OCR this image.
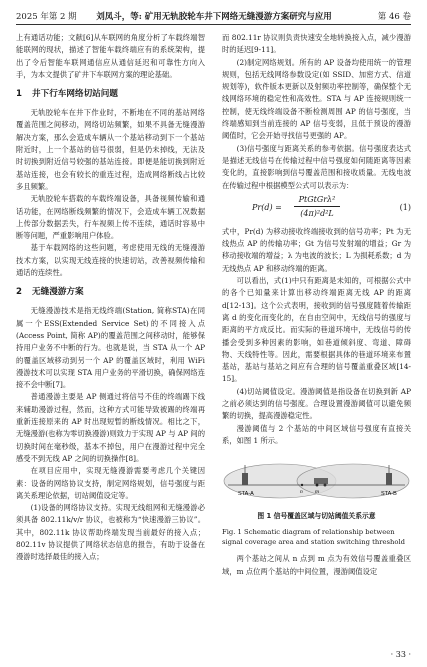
2025 年第 2 期	刘凤斗，等: 矿用无轨胶轮车井下网络无缝漫游方案研究与应用	第 46 卷

上有通话功能；文献[6]从车联网的角度分析了车载终端智能联网的现状，描述了智能车载终端应有的系统架构，提出了令后智能车联网通信应从通信延迟和可靠性方向入手，为本文提供了矿井下车联网方案的理论基础。

1 井下行车网络切站问题

无轨胶轮车在井下作业时，不断地在不同的基站网络覆盖范围之间移动，网络切站频繁，如果不具备无缝漫游解决方案，那么会造成车辆从一个基站移动到下一个基站附近时，上一个基站的信号很弱，但是仍未掉线，无法及时切换到附近信号较强的基站连接。即便是能切换到附近基站连接，也会有较长的重连过程，造成网络断线占比较多且频繁。

无轨胶轮车搭载的车载终端设备，具备视频传输和通话功能，在网络断线频繁的情况下，会造成车辆工况数据上传部分数据丢失，行车视频上传不连续，通话时容易中断等问题，严重影响用户体验。

基于车载网络的这些问题，考虑使用无线的无缝漫游技术方案，以实现无线连接的快速切站，改善视频传输和通话的连续性。

2 无缝漫游方案

无缝漫游技术是指无线终端(Station, 简称STA)在同属一个ESS(Extended Service Set)的不同接入点(Access Point, 简称 AP)的覆盖范围之间移动时，能够保持用户业务不中断的行为。也就是说，当 STA 从一个 AP 的覆盖区域移动到另一个 AP 的覆盖区域时，利用 WiFi 漫游技术可以实现 STA 用户业务的平滑切换，确保网络连接不会中断[7]。

普通漫游主要是 AP 侧通过将信号不佳的终端踢下线来辅助漫游过程，然而，这种方式可能导致被踢的终端再重新连接原来的 AP 时出现短暂的断线情况。相比之下，无缝漫游(也称为零切换漫游)则致力于实现 AP 与 AP 间的切换时间在毫秒级，基本不掉包，用户在漫游过程中完全感受不到无线 AP 之间的切换操作[8]。

在项目应用中，实现无缝漫游需要考虑几个关键因素：设备的网络协议支持，制定网络规划，信号强度与距离关系理论依据，切站阈值设定等。

(1)设备的网络协议支持。实现无线组网和无缝漫游必须具备 802.11k/v/r 协议，也被称为“快速漫游三协议”。其中，802.11k 协议帮助终端发现当前最好的接入点；802.11v 协议提供了网络状态信息的报告，有助于设备在漫游时选择最佳的接入点；

而 802.11r 协议则负责快速安全地转换接入点，减少漫游时的延迟[9-11]。

(2)制定网络规划。所有的 AP 设备均使用统一的管理规则，包括无线网络参数设定(如 SSID、加密方式、信道规划等)，软件版本更新以及射频功率控制等，确保整个无线网络环境的稳定性和高效性。STA 与 AP 连接规则统一控制，使无线终端设备不断检测周围 AP 的信号强度，当终端感知到当前连接的 AP 信号变弱，且低于预设的漫游阈值时，它会开始寻找信号更强的 AP。

(3)信号强度与距离关系的参考依据。信号强度表达式是描述无线信号在传输过程中信号强度如何随距离等因素变化的，直接影响到信号覆盖范围和接收质量。无线电波在传输过程中根据模型公式可以表示为：

Pr(d) =
PtGtGrλ²
(4π)²d²L
(1)

式中，Pr(d) 为移动接收终端接收到的信号功率；Pt 为无线热点 AP 的传输功率；Gt 为信号发射端的增益；Gr 为移动接收端的增益；λ 为电波的波长；L 为损耗系数；d 为无线热点 AP 和移动终端的距离。

可以看出，式(1)中只有距离是未知的，可根据公式中的各个已知量来计算出移动终端距离无线 AP 的距离 d[12-13]。这个公式表明，接收到的信号强度随着传输距离 d 的变化而变化的，在自由空间中，无线信号的强度与距离的平方成反比。而实际的巷道环境中，无线信号的传播会受到多种因素的影响，如巷道倾斜度、弯道、障碍物、天线特性等。因此，需要根据具体的巷道环境来布置基站，基站与基站之间应有合理的信号覆盖重叠区域[14-15]。

(4)切站阈值设定。漫游阈值是指设备在切换到新 AP 之前必须达到的信号强度。合理设置漫游阈值可以避免频繁的切换，提高漫游稳定性。

漫游阈值与 2 个基站的中间区域信号强度有直接关系，如图 1 所示。

STA-A	STA-B
n m
图 1 信号覆盖区域与切站阈值关系示意
Fig. 1 Schematic diagram of relationship between signal coverage area and station switching threshold

两个基站之间从 n 点到 m 点为有效信号覆盖重叠区域，m 点位两个基站的中间位置，漫游阈值设定

· 33 ·
